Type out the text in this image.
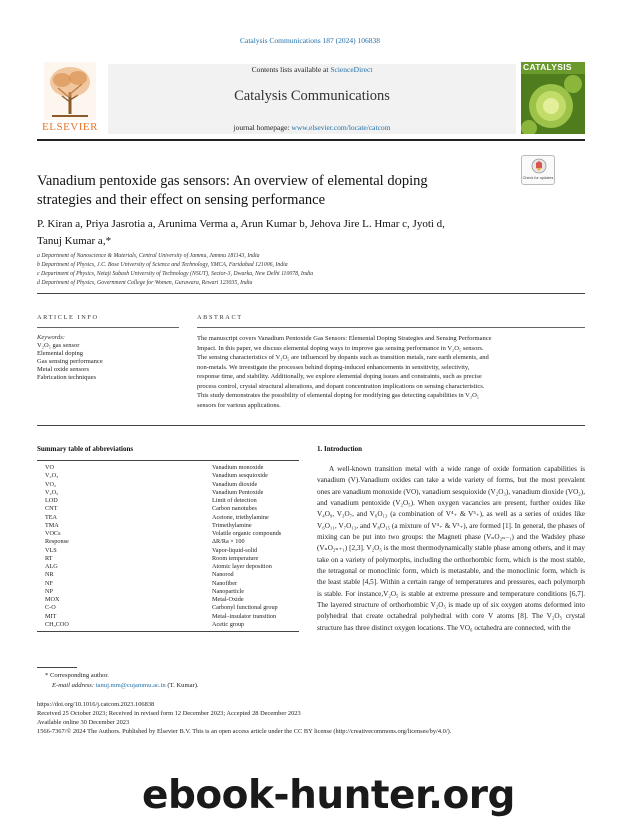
Catalysis Communications 187 (2024) 106838
ELSEVIER
Contents lists available at ScienceDirect
Catalysis Communications
journal homepage: www.elsevier.com/locate/catcom
CATALYSIS
Check for updates
Vanadium pentoxide gas sensors: An overview of elemental doping
strategies and their effect on sensing performance
P. Kiran a, Priya Jasrotia a, Arunima Verma a, Arun Kumar b, Jehova Jire L. Hmar c, Jyoti d,
Tanuj Kumar a,*
a Department of Nanoscience & Materials, Central University of Jammu, Jammu 181143, India
b Department of Physics, J.C. Bose University of Science and Technology, YMCA, Faridabad 121006, India
c Department of Physics, Netaji Subash University of Technology (NSUT), Sector-3, Dwarka, New Delhi 110078, India
d Department of Physics, Government College for Women, Gurawara, Rewari 123035, India
ARTICLE INFO	ABSTRACT
Keywords:
V₂O₅ gas sensor
Elemental doping
Gas sensing performance
Metal oxide sensors
Fabrication techniques
The manuscript covers Vanadium Pentoxide Gas Sensors: Elemental Doping Strategies and Sensing Performance
Impact. In this paper, we discuss elemental doping ways to improve gas sensing performance in V₂O₅ sensors.
The sensing characteristics of V₂O₅ are influenced by dopants such as transition metals, rare earth elements, and
non-metals. We investigate the processes behind doping-induced enhancements in sensitivity, selectivity,
response time, and stability. Additionally, we explore elemental doping issues and constraints, such as precise
process control, crystal structural alterations, and dopant concentration implications on sensing characteristics.
This study demonstrates the possibility of elemental doping for modifying gas detecting capabilities in V₂O₅
sensors for various applications.
Summary table of abbreviations
VO	Vanadium monoxide
V₂O₃	Vanadium sesquioxide
VO₂	Vanadium dioxide
V₂O₅	Vanadium Pentoxide
LOD	Limit of detection
CNT	Carbon nanotubes
TEA	Acetone, triethylamine
TMA	Trimethylamine
VOCs	Volatile organic compounds
Response	ΔR/Ra × 100
VLS	Vapor-liquid-solid
RT	Room temperature
ALG	Atomic layer deposition
NR	Nanorod
NF	Nanofiber
NP	Nanoparticle
MOX	Metal-Oxide
C-O	Carbonyl functional group
MIT	Metal–insulator transition
CH₃COO	Acetic group
1. Introduction
A well-known transition metal with a wide range of oxide formation capabilities is vanadium (V).Vanadium oxides can take a wide variety of forms, but the most prevalent ones are vanadium monoxide (VO), vanadium sesquioxide (V₂O₃), vanadium dioxide (VO₂), and vanadium pentoxide (V₂O₅). When oxygen vacancies are present, further oxides like V₄O₉, V₃O₇, and V₆O₁₃ (a combination of V⁴₊ & V⁵₊), as well as a series of oxides like V₆O₁₁, V₇O₁₃, and V₈O₁₅ (a mixture of V⁴₊ & V³₊), are formed [1]. In general, the phases of mixing can be put into two groups: the Magneti phase (VₙO₂ₙ₋₁) and the Wadsley phase (VₙO₂ₙ₊₁) [2,3]. V₂O₅ is the most thermodynamically stable phase among others, and it may take on a variety of polymorphs, including the orthorhombic form, which is the most stable, the tetragonal or monoclinic form, which is metastable, and the monoclinic form, which is the least stable [4,5]. Within a certain range of temperatures and pressures, each polymorph is stable. For instance,V₂O₅ is stable at extreme pressure and temperature conditions [6,7]. The layered structure of orthorhombic V₂O₅ is made up of six oxygen atoms deformed into polyhedral that create octahedral polyhedral with core V atoms [8]. The V₂O₅ crystal structure has three distinct oxygen locations. The VO₆ octahedra are connected, with the
* Corresponding author.
E-mail address: tanuj.mm@cujammu.ac.in (T. Kumar).
https://doi.org/10.1016/j.catcom.2023.106838
Received 25 October 2023; Received in revised form 12 December 2023; Accepted 28 December 2023
Available online 30 December 2023
1566-7367/© 2024 The Authors. Published by Elsevier B.V. This is an open access article under the CC BY license (http://creativecommons.org/licenses/by/4.0/).
ebook-hunter.org
